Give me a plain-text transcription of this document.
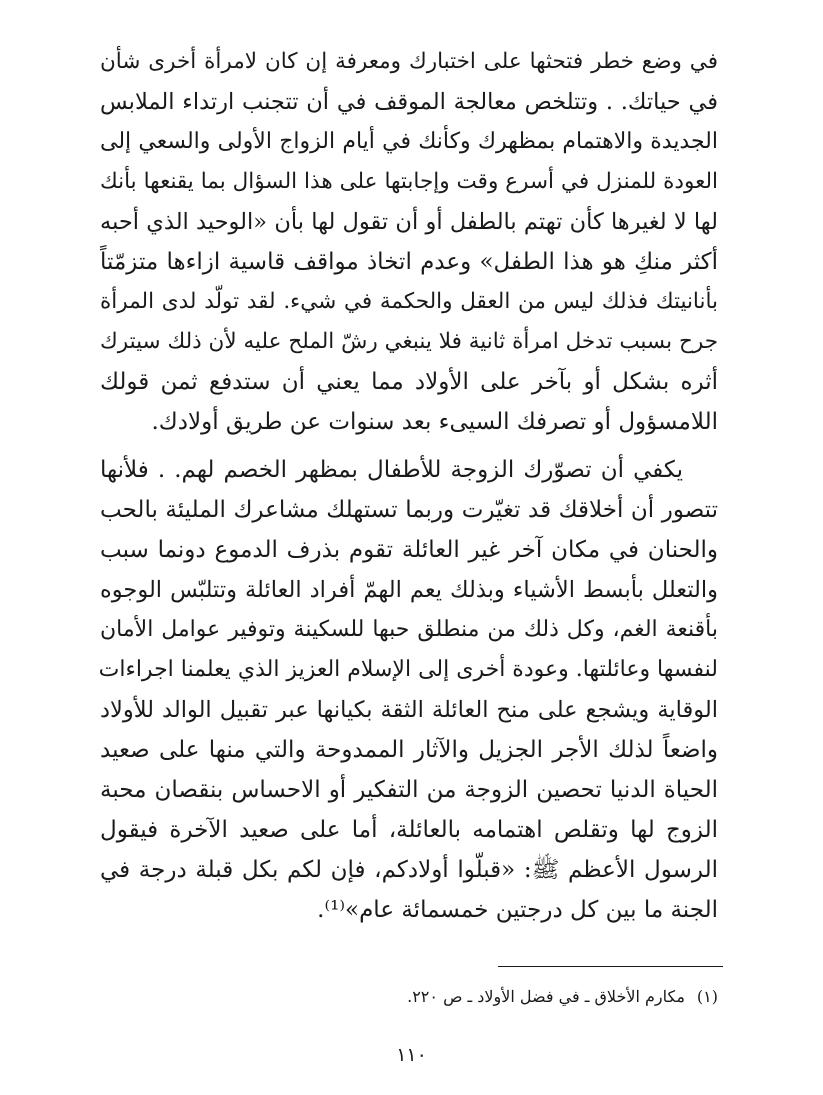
في وضع خطر فتحثها على اختبارك ومعرفة إن كان لامرأة أخرى شأن
في حياتك. . وتتلخص معالجة الموقف في أن تتجنب ارتداء الملابس
الجديدة والاهتمام بمظهرك وكأنك في أيام الزواج الأولى والسعي إلى
العودة للمنزل في أسرع وقت وإجابتها على هذا السؤال بما يقنعها بأنك
لها لا لغيرها كأن تهتم بالطفل أو أن تقول لها بأن «الوحيد الذي أحبه
أكثر منكِ هو هذا الطفل» وعدم اتخاذ مواقف قاسية ازاءها متزمّتاً
بأنانيتك فذلك ليس من العقل والحكمة في شيء. لقد تولّد لدى المرأة
جرح بسبب تدخل امرأة ثانية فلا ينبغي رشّ الملح عليه لأن ذلك سيترك
أثره بشكل أو بآخر على الأولاد مما يعني أن ستدفع ثمن قولك
اللامسؤول أو تصرفك السيىء بعد سنوات عن طريق أولادك.
يكفي أن تصوّرك الزوجة للأطفال بمظهر الخصم لهم. . فلأنها
تتصور أن أخلاقك قد تغيّرت وربما تستهلك مشاعرك المليئة بالحب
والحنان في مكان آخر غير العائلة تقوم بذرف الدموع دونما سبب
والتعلل بأبسط الأشياء وبذلك يعم الهمّ أفراد العائلة وتتلبّس الوجوه
بأقنعة الغم، وكل ذلك من منطلق حبها للسكينة وتوفير عوامل الأمان
لنفسها وعائلتها. وعودة أخرى إلى الإسلام العزيز الذي يعلمنا اجراءات
الوقاية ويشجع على منح العائلة الثقة بكيانها عبر تقبيل الوالد للأولاد
واضعاً لذلك الأجر الجزيل والآثار الممدوحة والتي منها على صعيد
الحياة الدنيا تحصين الزوجة من التفكير أو الاحساس بنقصان محبة
الزوج لها وتقلص اهتمامه بالعائلة، أما على صعيد الآخرة فيقول
الرسول الأعظم ﷺ: «قبلّوا أولادكم، فإن لكم بكل قبلة درجة في
الجنة ما بين كل درجتين خمسمائة عام»⁽¹⁾.
(١)مكارم الأخلاق ـ في فضل الأولاد ـ ص ٢٢٠.
١١٠
